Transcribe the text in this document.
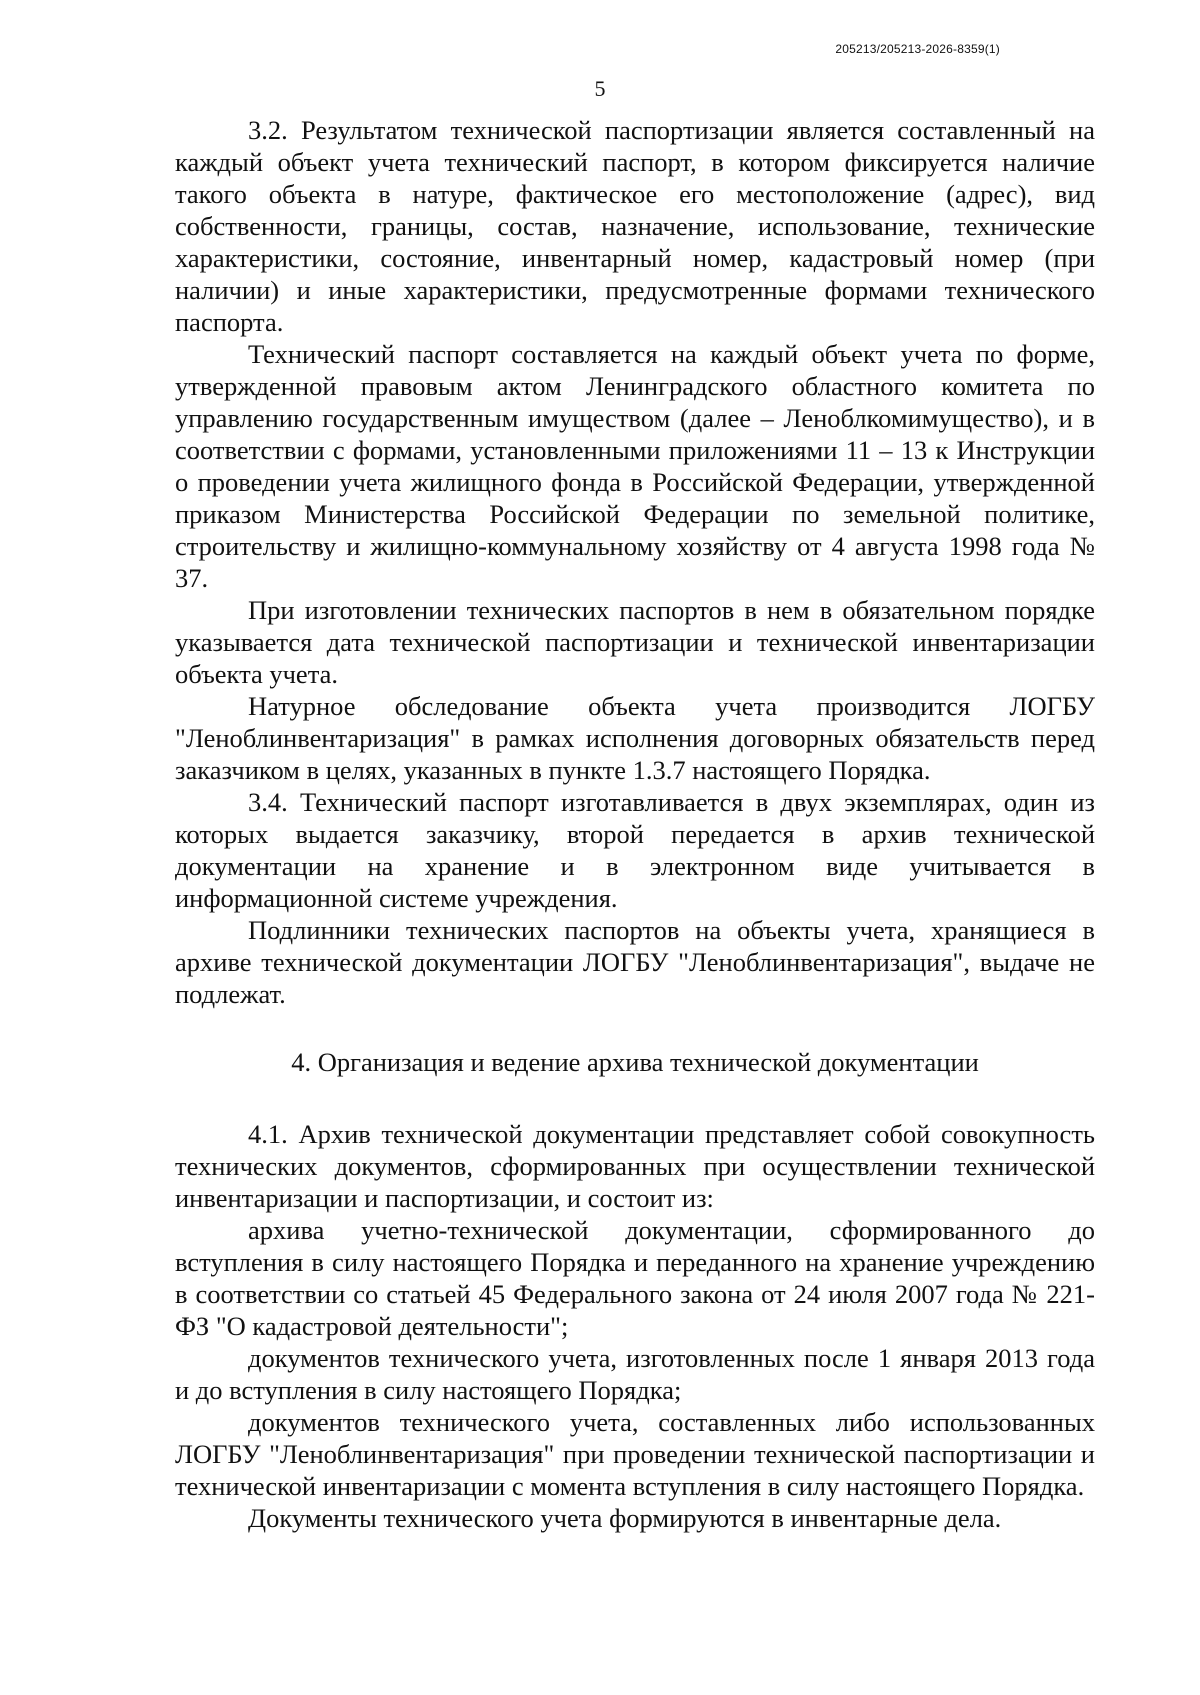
205213/205213-2026-8359(1)
5

3.2. Результатом технической паспортизации является составленный на каждый объект учета технический паспорт, в котором фиксируется наличие такого объекта в натуре, фактическое его местоположение (адрес), вид собственности, границы, состав, назначение, использование, технические характеристики, состояние, инвентарный номер, кадастровый номер (при наличии) и иные характеристики, предусмотренные формами технического паспорта.

Технический паспорт составляется на каждый объект учета по форме, утвержденной правовым актом Ленинградского областного комитета по управлению государственным имуществом (далее – Леноблкомимущество), и в соответствии с формами, установленными приложениями 11 – 13 к Инструкции о проведении учета жилищного фонда в Российской Федерации, утвержденной приказом Министерства Российской Федерации по земельной политике, строительству и жилищно-коммунальному хозяйству от 4 августа 1998 года № 37.

При изготовлении технических паспортов в нем в обязательном порядке указывается дата технической паспортизации и технической инвентаризации объекта учета.

Натурное обследование объекта учета производится ЛОГБУ "Леноблинвентаризация" в рамках исполнения договорных обязательств перед заказчиком в целях, указанных в пункте 1.3.7 настоящего Порядка.

3.4. Технический паспорт изготавливается в двух экземплярах, один из которых выдается заказчику, второй передается в архив технической документации на хранение и в электронном виде учитывается в информационной системе учреждения.

Подлинники технических паспортов на объекты учета, хранящиеся в архиве технической документации ЛОГБУ "Леноблинвентаризация", выдаче не подлежат.

4. Организация и ведение архива технической документации

4.1. Архив технической документации представляет собой совокупность технических документов, сформированных при осуществлении технической инвентаризации и паспортизации, и состоит из:

архива учетно-технической документации, сформированного до вступления в силу настоящего Порядка и переданного на хранение учреждению в соответствии со статьей 45 Федерального закона от 24 июля 2007 года № 221-ФЗ "О кадастровой деятельности";

документов технического учета, изготовленных после 1 января 2013 года и до вступления в силу настоящего Порядка;

документов технического учета, составленных либо использованных ЛОГБУ "Леноблинвентаризация" при проведении технической паспортизации и технической инвентаризации с момента вступления в силу настоящего Порядка.

Документы технического учета формируются в инвентарные дела.
